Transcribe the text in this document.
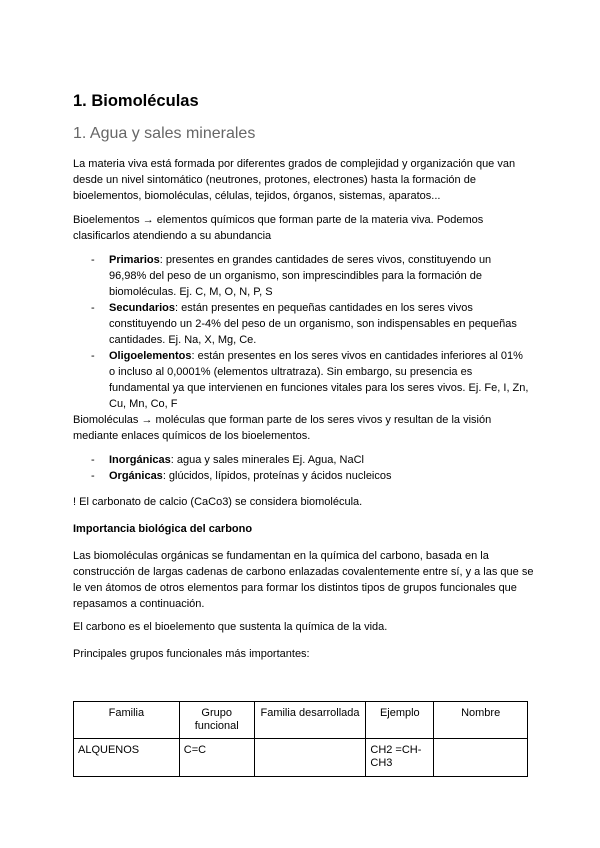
1. Biomoléculas
1. Agua y sales minerales

La materia viva está formada por diferentes grados de complejidad y organización que van desde un nivel sintomático (neutrones, protones, electrones) hasta la formación de bioelementos, biomoléculas, células, tejidos, órganos, sistemas, aparatos...

Bioelementos → elementos químicos que forman parte de la materia viva. Podemos clasificarlos atendiendo a su abundancia

- Primarios: presentes en grandes cantidades de seres vivos, constituyendo un 96,98% del peso de un organismo, son imprescindibles para la formación de biomoléculas. Ej. C, M, O, N, P, S
- Secundarios: están presentes en pequeñas cantidades en los seres vivos constituyendo un 2-4% del peso de un organismo, son indispensables en pequeñas cantidades. Ej. Na, X, Mg, Ce.
- Oligoelementos: están presentes en los seres vivos en cantidades inferiores al 01% o incluso al 0,0001% (elementos ultratraza). Sin embargo, su presencia es fundamental ya que intervienen en funciones vitales para los seres vivos. Ej. Fe, I, Zn, Cu, Mn, Co, F

Biomoléculas → moléculas que forman parte de los seres vivos y resultan de la visión mediante enlaces químicos de los bioelementos.

- Inorgánicas: agua y sales minerales Ej. Agua, NaCl
- Orgánicas: glúcidos, lípidos, proteínas y ácidos nucleicos

! El carbonato de calcio (CaCo3) se considera biomolécula.

Importancia biológica del carbono

Las biomoléculas orgánicas se fundamentan en la química del carbono, basada en la construcción de largas cadenas de carbono enlazadas covalentemente entre sí, y a las que se le ven átomos de otros elementos para formar los distintos tipos de grupos funcionales que repasamos a continuación.

El carbono es el bioelemento que sustenta la química de la vida.

Principales grupos funcionales más importantes:

Familia	Grupo funcional	Familia desarrollada	Ejemplo	Nombre
ALQUENOS	C=C		CH2 =CH-CH3	
